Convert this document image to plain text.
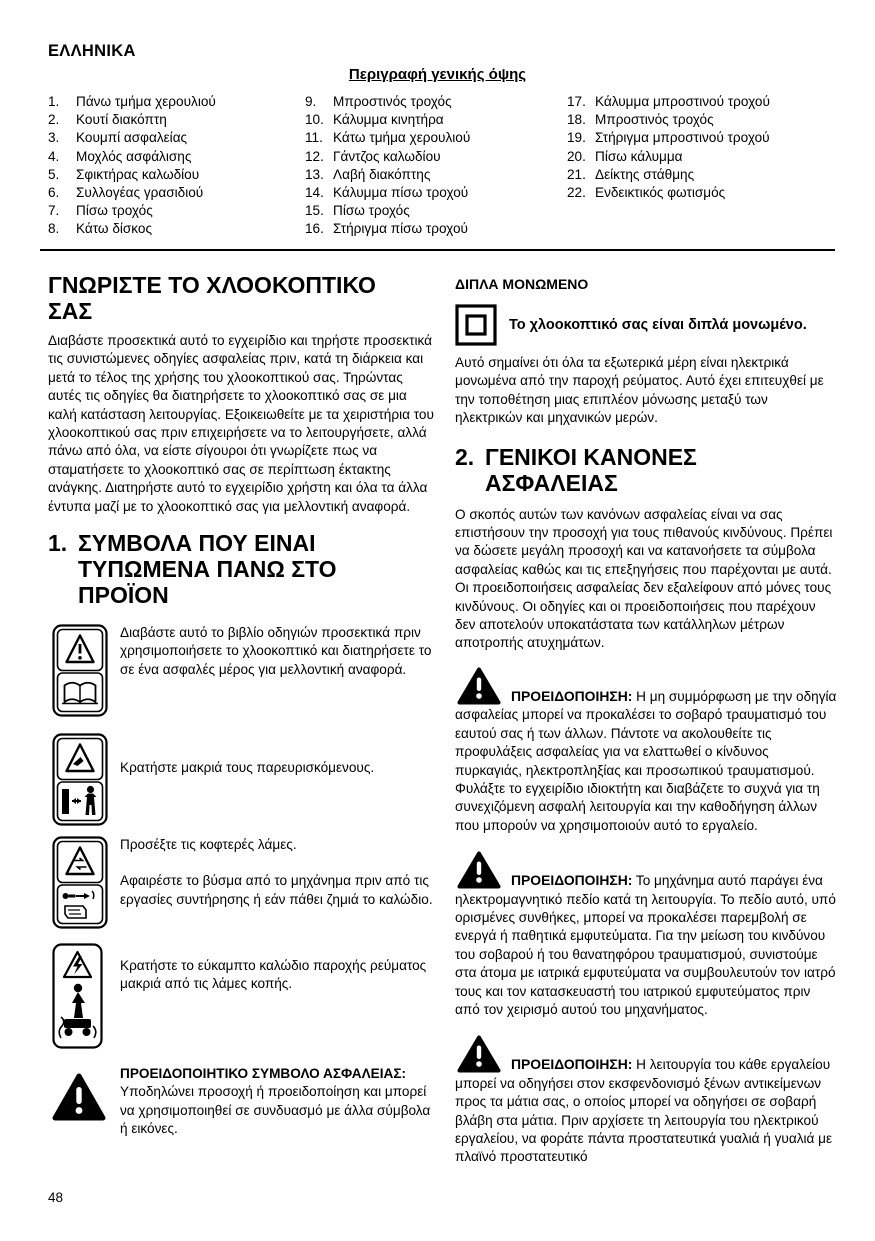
ΕΛΛΗΝΙΚΑ
Περιγραφή γενικής όψης
1.	Πάνω τμήμα χερουλιού
2.	Κουτί διακόπτη
3.	Κουμπί ασφαλείας
4.	Μοχλός ασφάλισης
5.	Σφικτήρας καλωδίου
6.	Συλλογέας γρασιδιού
7.	Πίσω τροχός
8.	Κάτω δίσκος
9.	Μπροστινός τροχός
10. Κάλυμμα κινητήρα
11. Κάτω τμήμα χερουλιού
12. Γάντζος καλωδίου
13. Λαβή διακόπτης
14. Κάλυμμα πίσω τροχού
15. Πίσω τροχός
16. Στήριγμα πίσω τροχού
17. Κάλυμμα μπροστινού τροχού
18. Μπροστινός τροχός
19. Στήριγμα μπροστινού τροχού
20. Πίσω κάλυμμα
21. Δείκτης στάθμης
22. Ενδεικτικός φωτισμός
ΓΝΩΡΙΣΤΕ ΤΟ ΧΛΟΟΚΟΠΤΙΚΟ ΣΑΣ

Διαβάστε προσεκτικά αυτό το εγχειρίδιο και τηρήστε προσεκτικά τις συνιστώμενες οδηγίες ασφαλείας πριν, κατά τη διάρκεια και μετά το τέλος της χρήσης του χλοοκοπτικού σας. Τηρώντας αυτές τις οδηγίες θα διατηρήσετε το χλοοκοπτικό σας σε μια καλή κατάσταση λειτουργίας. Εξοικειωθείτε με τα χειριστήρια του χλοοκοπτικού σας πριν επιχειρήσετε να το λειτουργήσετε, αλλά πάνω από όλα, να είστε σίγουροι ότι γνωρίζετε πως να σταματήσετε το χλοοκοπτικό σας σε περίπτωση έκτακτης ανάγκης. Διατηρήστε αυτό το εγχειρίδιο χρήστη και όλα τα άλλα έντυπα μαζί με το χλοοκοπτικό σας για μελλοντική αναφορά.

1. ΣΥΜΒΟΛΑ ΠΟΥ ΕΙΝΑΙ ΤΥΠΩΜΕΝΑ ΠΑΝΩ ΣΤΟ ΠΡΟΪΟΝ
Διαβάστε αυτό το βιβλίο οδηγιών προσεκτικά πριν χρησιμοποιήσετε το χλοοκοπτικό και διατηρήσετε το σε ένα ασφαλές μέρος για μελλοντική αναφορά.
Κρατήστε μακριά τους παρευρισκόμενους.

Προσέξτε τις κοφτερές λάμες.

Αφαιρέστε το βύσμα από το μηχάνημα πριν από τις εργασίες συντήρησης ή εάν πάθει ζημιά το καλώδιο.

Κρατήστε το εύκαμπτο καλώδιο παροχής ρεύματος μακριά από τις λάμες κοπής.
ΠΡΟΕΙΔΟΠΟΙΗΤΙΚΟ ΣΥΜΒΟΛΟ ΑΣΦΑΛΕΙΑΣ: Υποδηλώνει προσοχή ή προειδοποίηση και μπορεί να χρησιμοποιηθεί σε συνδυασμό με άλλα σύμβολα ή εικόνες.
ΔΙΠΛΑ ΜΟΝΩΜΕΝΟ
Το χλοοκοπτικό σας είναι διπλά μονωμένο.

Αυτό σημαίνει ότι όλα τα εξωτερικά μέρη είναι ηλεκτρικά μονωμένα από την παροχή ρεύματος. Αυτό έχει επιτευχθεί με την τοποθέτηση μιας επιπλέον μόνωσης μεταξύ των ηλεκτρικών και μηχανικών μερών.

2. ΓΕΝΙΚΟΙ ΚΑΝΟΝΕΣ ΑΣΦΑΛΕΙΑΣ

Ο σκοπός αυτών των κανόνων ασφαλείας είναι να σας επιστήσουν την προσοχή για τους πιθανούς κινδύνους. Πρέπει να δώσετε μεγάλη προσοχή και να κατανοήσετε τα σύμβολα ασφαλείας καθώς και τις επεξηγήσεις που παρέχονται με αυτά. Οι προειδοποιήσεις ασφαλείας δεν εξαλείφουν από μόνες τους κινδύνους. Οι οδηγίες και οι προειδοποιήσεις που παρέχουν δεν αποτελούν υποκατάστατα των κατάλληλων μέτρων αποτροπής ατυχημάτων.

ΠΡΟΕΙΔΟΠΟΙΗΣΗ: Η μη συμμόρφωση με την οδηγία ασφαλείας μπορεί να προκαλέσει το σοβαρό τραυματισμό του εαυτού σας ή των άλλων. Πάντοτε να ακολουθείτε τις προφυλάξεις ασφαλείας για να ελαττωθεί ο κίνδυνος πυρκαγιάς, ηλεκτροπληξίας και προσωπικού τραυματισμού. Φυλάξτε το εγχειρίδιο ιδιοκτήτη και διαβάζετε το συχνά για τη συνεχιζόμενη ασφαλή λειτουργία και την καθοδήγηση άλλων που μπορούν να χρησιμοποιούν αυτό το εργαλείο.

ΠΡΟΕΙΔΟΠΟΙΗΣΗ: Το μηχάνημα αυτό παράγει ένα ηλεκτρομαγνητικό πεδίο κατά τη λειτουργία. Το πεδίο αυτό, υπό ορισμένες συνθήκες, μπορεί να προκαλέσει παρεμβολή σε ενεργά ή παθητικά εμφυτεύματα. Για την μείωση του κινδύνου του σοβαρού ή του θανατηφόρου τραυματισμού, συνιστούμε στα άτομα με ιατρικά εμφυτεύματα να συμβουλευτούν τον ιατρό τους και τον κατασκευαστή του ιατρικού εμφυτεύματος πριν από τον χειρισμό αυτού του μηχανήματος.

ΠΡΟΕΙΔΟΠΟΙΗΣΗ: Η λειτουργία του κάθε εργαλείου μπορεί να οδηγήσει στον εκσφενδονισμό ξένων αντικείμενων προς τα μάτια σας, ο οποίος μπορεί να οδηγήσει σε σοβαρή βλάβη στα μάτια. Πριν αρχίσετε τη λειτουργία του ηλεκτρικού εργαλείου, να φοράτε πάντα προστατευτικά γυαλιά ή γυαλιά με πλαϊνό προστατευτικό

48
